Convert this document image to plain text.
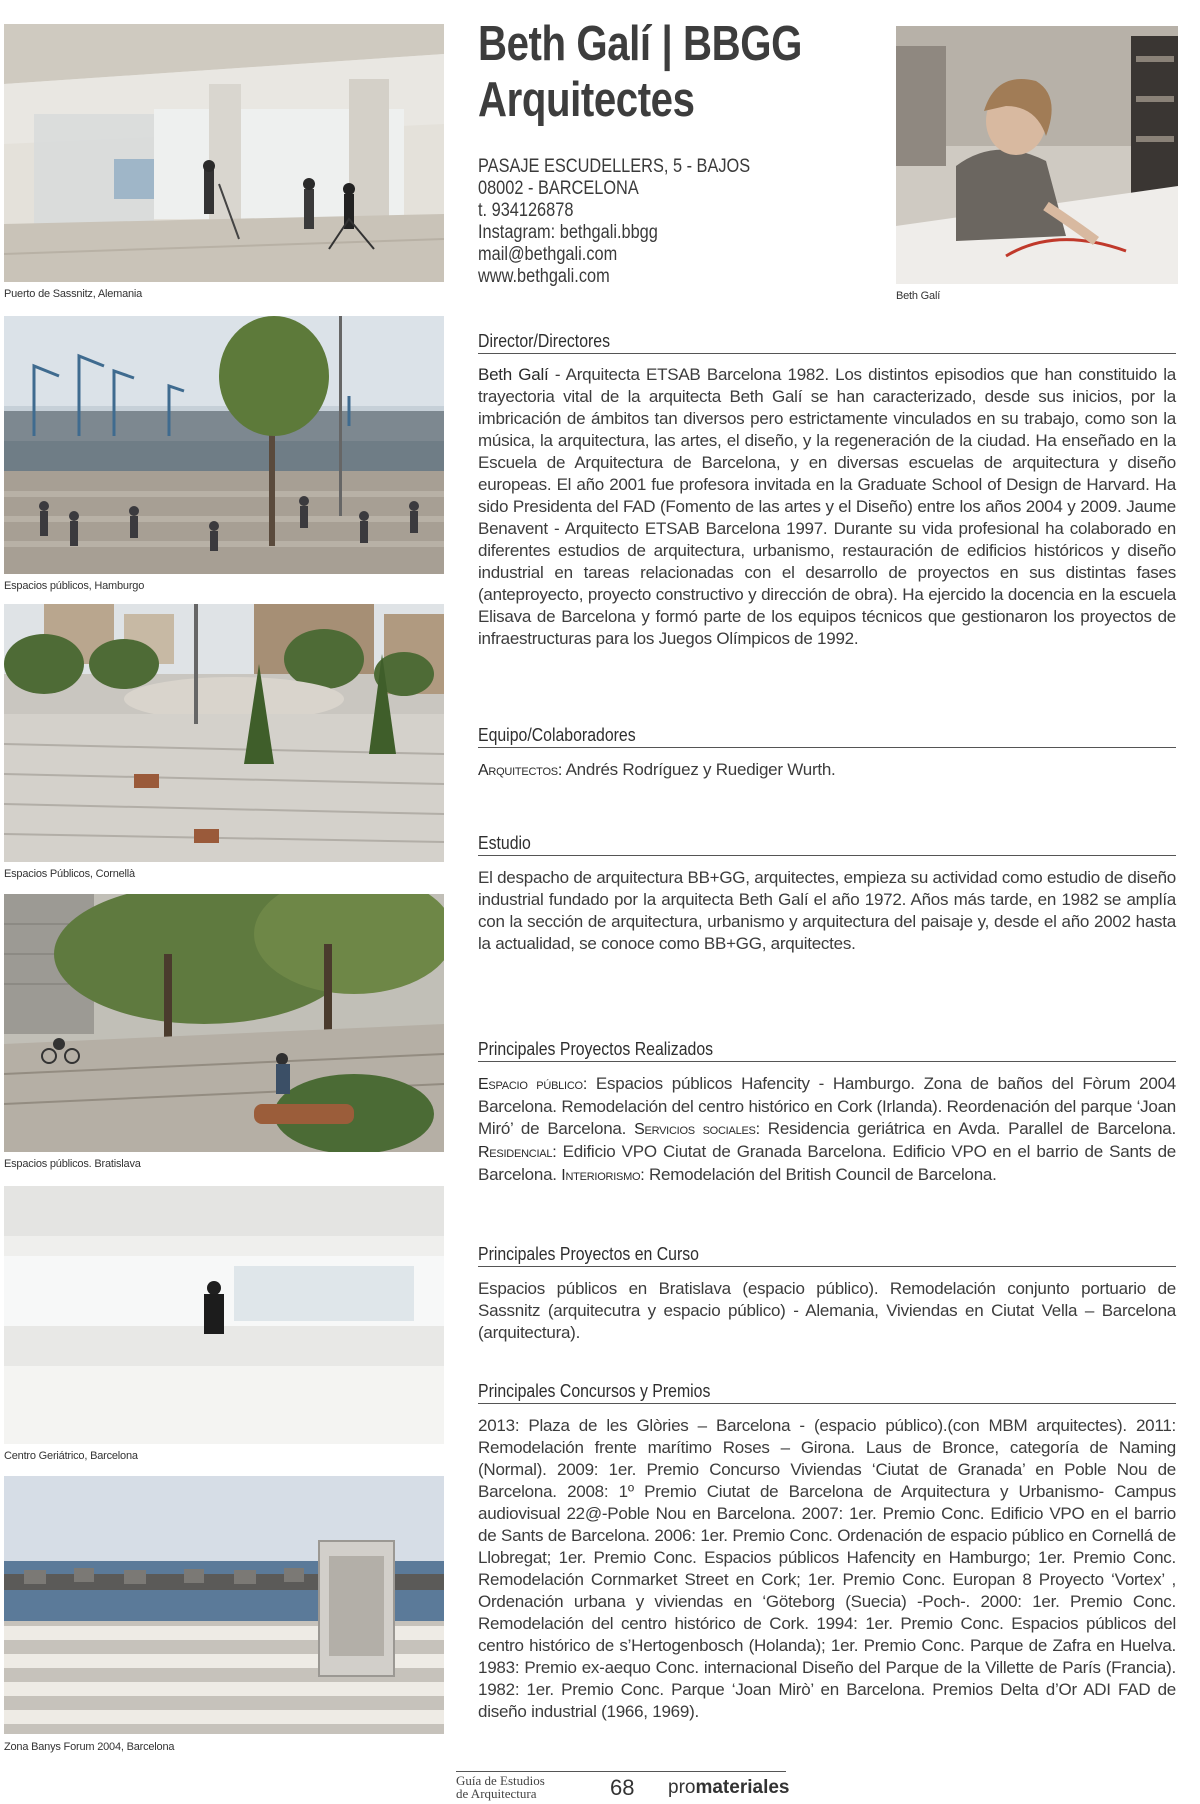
Puerto de Sassnitz, Alemania	Beth Galí
Espacios públicos, Hamburgo
Espacios Públicos, Cornellà
Espacios públicos. Bratislava
Centro Geriátrico, Barcelona
Zona Banys Forum 2004, Barcelona
Beth Galí | BBGG
Arquitectes
PASAJE ESCUDELLERS, 5 - BAJOS
08002 - BARCELONA
t. 934126878
Instagram: bethgali.bbgg
mail@bethgali.com
www.bethgali.com
Director/Directores
Beth Galí - Arquitecta ETSAB Barcelona 1982. Los distintos episodios que han constituido la trayectoria vital de la arquitecta Beth Galí se han caracterizado, desde sus inicios, por la imbricación de ámbitos tan diversos pero estrictamente vinculados en su trabajo, como son la música, la arquitectura, las artes, el diseño, y la regeneración de la ciudad. Ha enseñado en la Escuela de Arquitectura de Barcelona, y en diversas escuelas de arquitectura y diseño europeas. El año 2001 fue profesora invitada en la Graduate School of Design de Harvard. Ha sido Presidenta del FAD (Fomento de las artes y el Diseño) entre los años 2004 y 2009. Jaume Benavent - Arquitecto ETSAB Barcelona 1997. Durante su vida profesional ha colaborado en diferentes estudios de arquitectura, urbanismo, restauración de edificios históricos y diseño industrial en tareas relacionadas con el desarrollo de proyectos en sus distintas fases (anteproyecto, proyecto constructivo y dirección de obra). Ha ejercido la docencia en la escuela Elisava de Barcelona y formó parte de los equipos técnicos que gestionaron los proyectos de infraestructuras para los Juegos Olímpicos de 1992.
Equipo/Colaboradores
Arquitectos: Andrés Rodríguez y Ruediger Wurth.
Estudio
El despacho de arquitectura BB+GG, arquitectes, empieza su actividad como estudio de diseño industrial fundado por la arquitecta Beth Galí el año 1972. Años más tarde, en 1982 se amplía con la sección de arquitectura, urbanismo y arquitectura del paisaje y, desde el año 2002 hasta la actualidad, se conoce como BB+GG, arquitectes.
Principales Proyectos Realizados
Espacio público: Espacios públicos Hafencity - Hamburgo. Zona de baños del Fòrum 2004 Barcelona. Remodelación del centro histórico en Cork (Irlanda). Reordenación del parque ‘Joan Miró’ de Barcelona. Servicios sociales: Residencia geriátrica en Avda. Parallel de Barcelona. Residencial: Edificio VPO Ciutat de Granada Barcelona. Edificio VPO en el barrio de Sants de Barcelona. Interiorismo: Remodelación del British Council de Barcelona.
Principales Proyectos en Curso
Espacios públicos en Bratislava (espacio público). Remodelación conjunto portuario de Sassnitz (arquitecutra y espacio público) - Alemania, Viviendas en Ciutat Vella – Barcelona (arquitectura).
Principales Concursos y Premios
2013: Plaza de les Glòries – Barcelona - (espacio público).(con MBM arquitectes). 2011: Remodelación frente marítimo Roses – Girona. Laus de Bronce, categoría de Naming (Normal). 2009: 1er. Premio Concurso Viviendas ‘Ciutat de Granada’ en Poble Nou de Barcelona. 2008: 1º Premio Ciutat de Barcelona de Arquitectura y Urbanismo- Campus audiovisual 22@-Poble Nou en Barcelona. 2007: 1er. Premio Conc. Edificio VPO en el barrio de Sants de Barcelona. 2006: 1er. Premio Conc. Ordenación de espacio público en Cornellá de Llobregat; 1er. Premio Conc. Espacios públicos Hafencity en Hamburgo; 1er. Premio Conc. Remodelación Cornmarket Street en Cork; 1er. Premio Conc. Europan 8 Proyecto ‘Vortex’ , Ordenación urbana y viviendas en ‘Göteborg (Suecia) -Poch-. 2000: 1er. Premio Conc. Remodelación del centro histórico de Cork. 1994: 1er. Premio Conc. Espacios públicos del centro histórico de s’Hertogenbosch (Holanda); 1er. Premio Conc. Parque de Zafra en Huelva. 1983: Premio ex-aequo Conc. internacional Diseño del Parque de la Villette de París (Francia). 1982: 1er. Premio Conc. Parque ‘Joan Mirò’ en Barcelona. Premios Delta d’Or ADI FAD de diseño industrial (1966, 1969).
Guía de Estudios
de Arquitectura	68 promateriales
